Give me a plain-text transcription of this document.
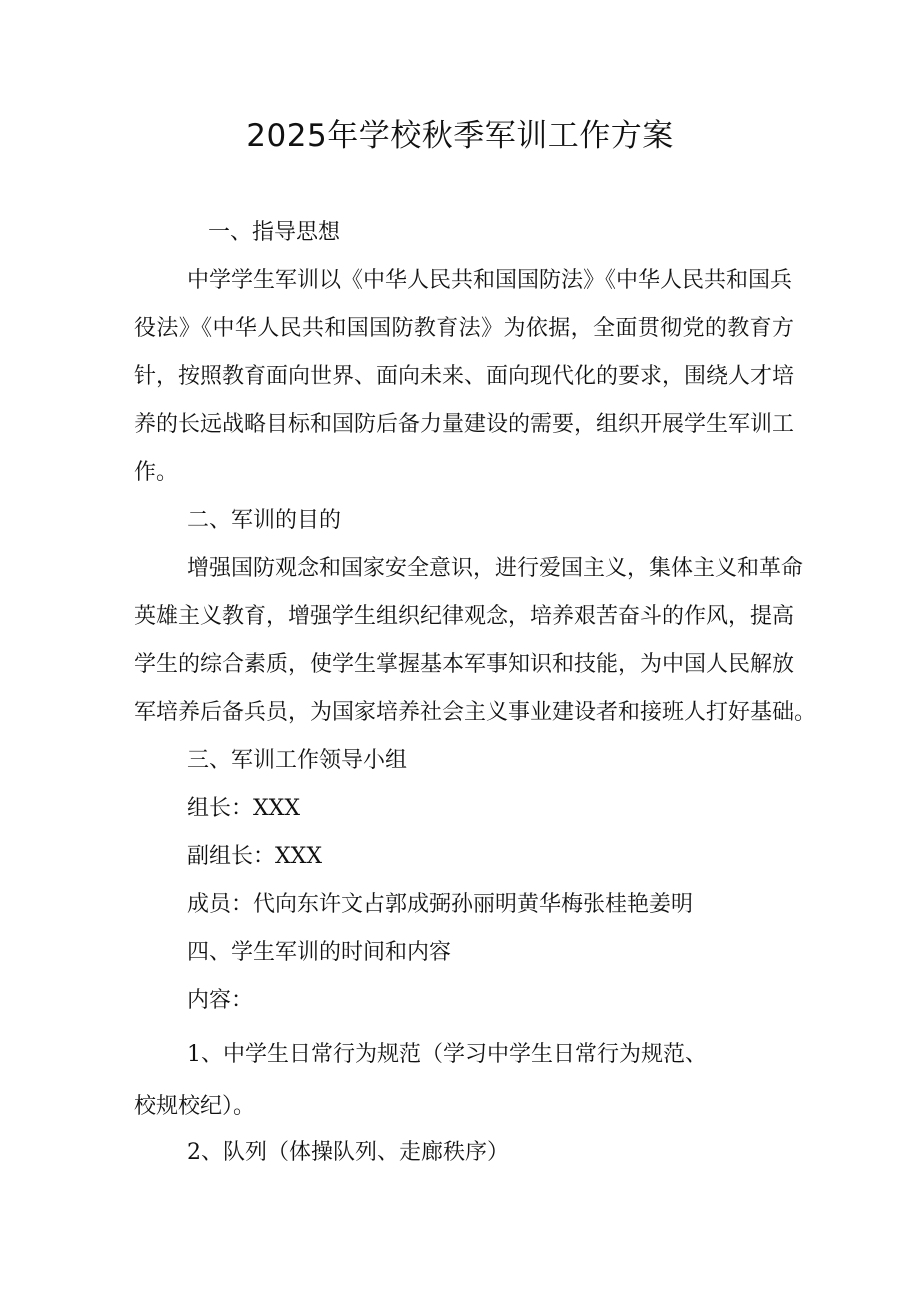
2025年学校秋季军训工作方案
一、指导思想
中学学生军训以《中华人民共和国国防法》《中华人民共和国兵
役法》《中华人民共和国国防教育法》为依据，全面贯彻党的教育方
针，按照教育面向世界、面向未来、面向现代化的要求，围绕人才培
养的长远战略目标和国防后备力量建设的需要，组织开展学生军训工
作。
二、军训的目的
增强国防观念和国家安全意识，进行爱国主义，集体主义和革命
英雄主义教育，增强学生组织纪律观念，培养艰苦奋斗的作风，提高
学生的综合素质，使学生掌握基本军事知识和技能，为中国人民解放
军培养后备兵员，为国家培养社会主义事业建设者和接班人打好基础。
三、军训工作领导小组
组长：XXX
副组长：XXX
成员：代向东许文占郭成弼孙丽明黄华梅张桂艳姜明
四、学生军训的时间和内容
内容：
1、中学生日常行为规范（学习中学生日常行为规范、
校规校纪）。
2、队列（体操队列、走廊秩序）
